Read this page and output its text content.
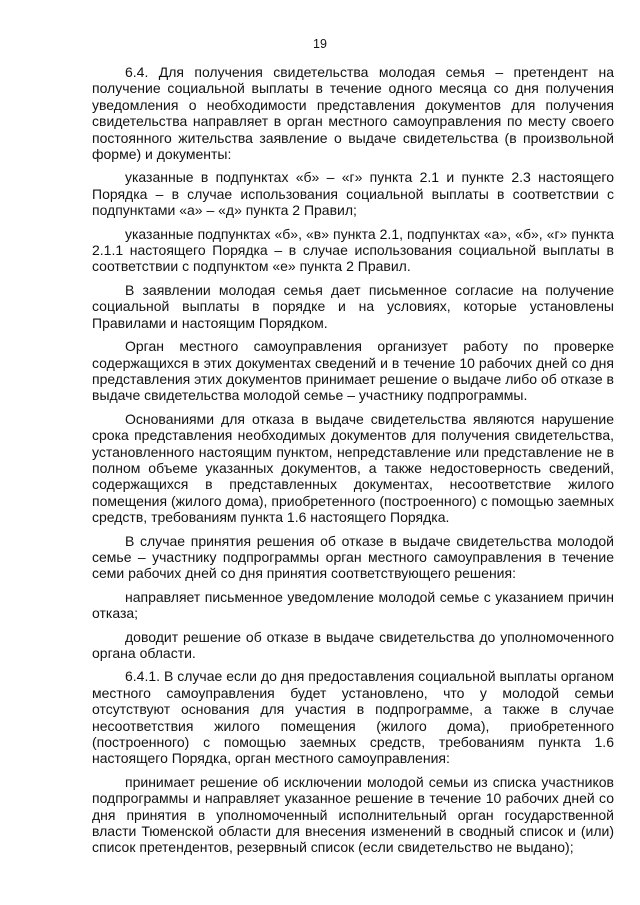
19

6.4. Для получения свидетельства молодая семья – претендент на получение социальной выплаты в течение одного месяца со дня получения уведомления о необходимости представления документов для получения свидетельства направляет в орган местного самоуправления по месту своего постоянного жительства заявление о выдаче свидетельства (в произвольной форме) и документы:

указанные в подпунктах «б» – «г» пункта 2.1 и пункте 2.3 настоящего Порядка – в случае использования социальной выплаты в соответствии с подпунктами «а» – «д» пункта 2 Правил;

указанные подпунктах «б», «в» пункта 2.1, подпунктах «а», «б», «г» пункта 2.1.1 настоящего Порядка – в случае использования социальной выплаты в соответствии с подпунктом «е» пункта 2 Правил.

В заявлении молодая семья дает письменное согласие на получение социальной выплаты в порядке и на условиях, которые установлены Правилами и настоящим Порядком.

Орган местного самоуправления организует работу по проверке содержащихся в этих документах сведений и в течение 10 рабочих дней со дня представления этих документов принимает решение о выдаче либо об отказе в выдаче свидетельства молодой семье – участнику подпрограммы.

Основаниями для отказа в выдаче свидетельства являются нарушение срока представления необходимых документов для получения свидетельства, установленного настоящим пунктом, непредставление или представление не в полном объеме указанных документов, а также недостоверность сведений, содержащихся в представленных документах, несоответствие жилого помещения (жилого дома), приобретенного (построенного) с помощью заемных средств, требованиям пункта 1.6 настоящего Порядка.

В случае принятия решения об отказе в выдаче свидетельства молодой семье – участнику подпрограммы орган местного самоуправления в течение семи рабочих дней со дня принятия соответствующего решения:

направляет письменное уведомление молодой семье с указанием причин отказа;

доводит решение об отказе в выдаче свидетельства до уполномоченного органа области.

6.4.1. В случае если до дня предоставления социальной выплаты органом местного самоуправления будет установлено, что у молодой семьи отсутствуют основания для участия в подпрограмме, а также в случае несоответствия жилого помещения (жилого дома), приобретенного (построенного) с помощью заемных средств, требованиям пункта 1.6 настоящего Порядка, орган местного самоуправления:

принимает решение об исключении молодой семьи из списка участников подпрограммы и направляет указанное решение в течение 10 рабочих дней со дня принятия в уполномоченный исполнительный орган государственной власти Тюменской области для внесения изменений в сводный список и (или) список претендентов, резервный список (если свидетельство не выдано);
